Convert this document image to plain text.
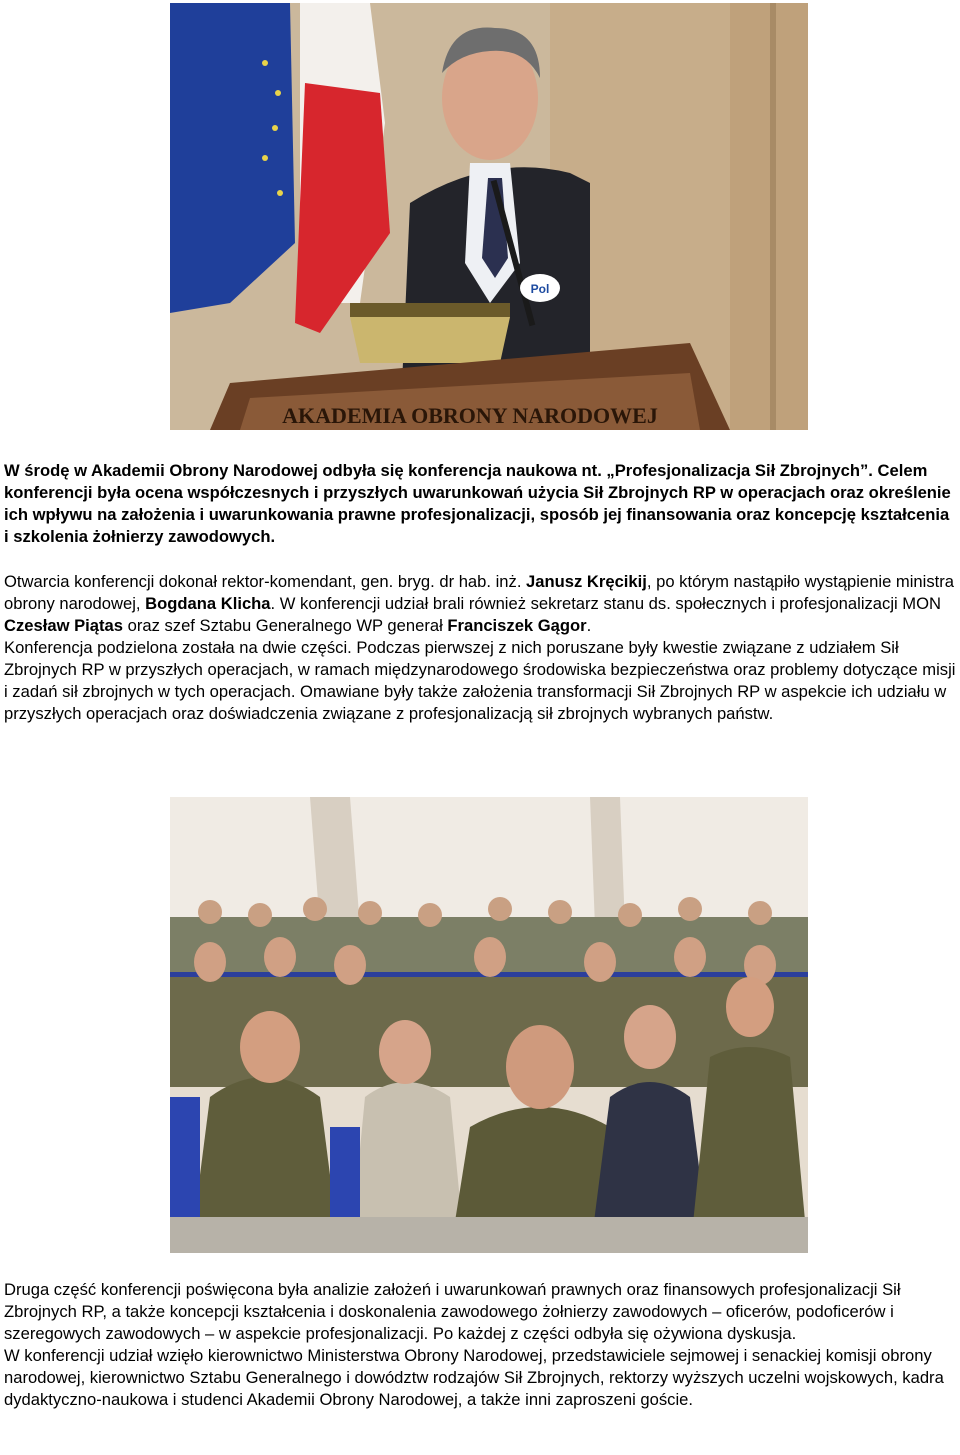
Pol
AKADEMIA OBRONY NARODOWEJ

W środę w Akademii Obrony Narodowej odbyła się konferencja naukowa nt. „Profesjonalizacja Sił Zbrojnych”. Celem konferencji była ocena współczesnych i przyszłych uwarunkowań użycia Sił Zbrojnych RP w operacjach oraz określenie ich wpływu na założenia i uwarunkowania prawne profesjonalizacji, sposób jej finansowania oraz koncepcję kształcenia i szkolenia żołnierzy zawodowych.

Otwarcia konferencji dokonał rektor-komendant, gen. bryg. dr hab. inż. Janusz Kręcikij, po którym nastąpiło wystąpienie ministra obrony narodowej, Bogdana Klicha. W konferencji udział brali również sekretarz stanu ds. społecznych i profesjonalizacji MON Czesław Piątas oraz szef Sztabu Generalnego WP generał Franciszek Gągor.

Konferencja podzielona została na dwie części. Podczas pierwszej z nich poruszane były kwestie związane z udziałem Sił Zbrojnych RP w przyszłych operacjach, w ramach międzynarodowego środowiska bezpieczeństwa oraz problemy dotyczące misji i zadań sił zbrojnych w tych operacjach. Omawiane były także założenia transformacji Sił Zbrojnych RP w aspekcie ich udziału w przyszłych operacjach oraz doświadczenia związane z profesjonalizacją sił zbrojnych wybranych państw.

Druga część konferencji poświęcona była analizie założeń i uwarunkowań prawnych oraz finansowych profesjonalizacji Sił Zbrojnych RP, a także koncepcji kształcenia i doskonalenia zawodowego żołnierzy zawodowych – oficerów, podoficerów i szeregowych zawodowych – w aspekcie profesjonalizacji. Po każdej z części odbyła się ożywiona dyskusja.

W konferencji udział wzięło kierownictwo Ministerstwa Obrony Narodowej, przedstawiciele sejmowej i senackiej komisji obrony narodowej, kierownictwo Sztabu Generalnego i dowództw rodzajów Sił Zbrojnych, rektorzy wyższych uczelni wojskowych, kadra dydaktyczno-naukowa i studenci Akademii Obrony Narodowej, a także inni zaproszeni goście.
